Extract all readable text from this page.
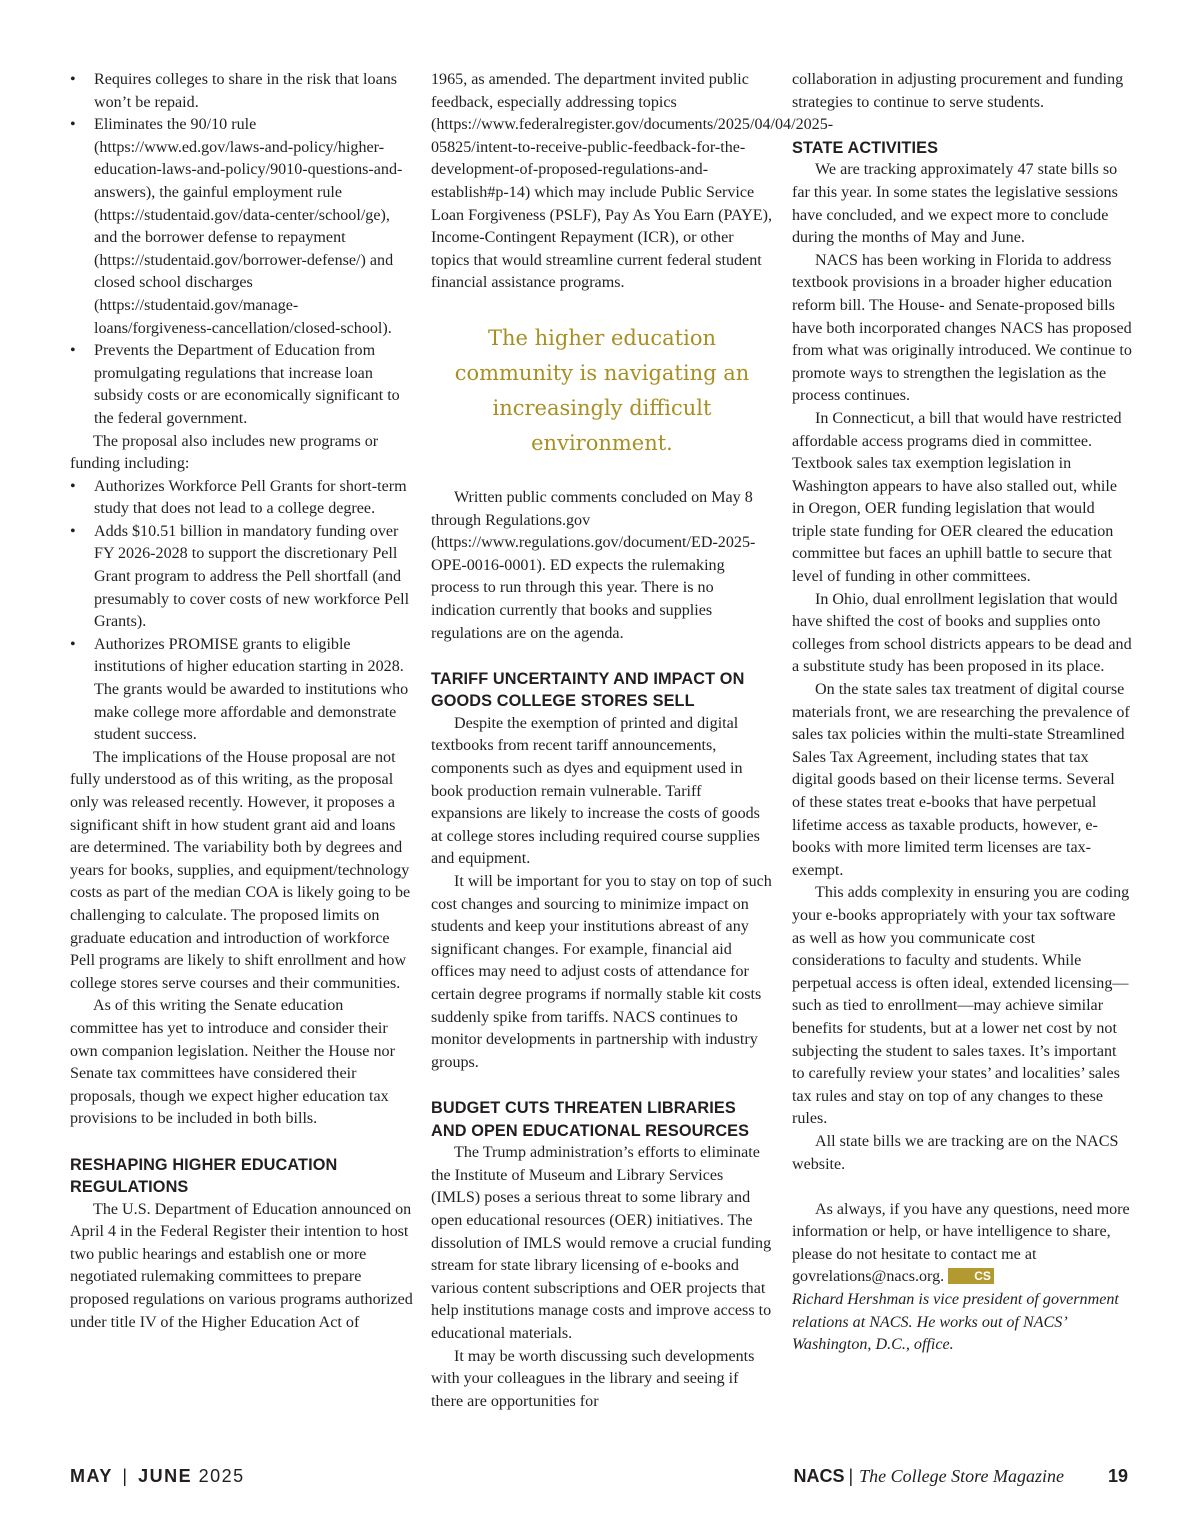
• Requires colleges to share in the risk that loans won’t be repaid.
• Eliminates the 90/10 rule (https://www.ed.gov/laws-and-policy/higher-education-laws-and-policy/9010-questions-and-answers), the gainful employment rule (https://studentaid.gov/data-center/school/ge), and the borrower defense to repayment (https://studentaid.gov/borrower-defense/) and closed school discharges (https://studentaid.gov/manage-loans/forgiveness-cancellation/closed-school).
• Prevents the Department of Education from promulgating regulations that increase loan subsidy costs or are economically significant to the federal government.

The proposal also includes new programs or funding including:

• Authorizes Workforce Pell Grants for short-term study that does not lead to a college degree.
• Adds $10.51 billion in mandatory funding over FY 2026-2028 to support the discretionary Pell Grant program to address the Pell shortfall (and presumably to cover costs of new workforce Pell Grants).
• Authorizes PROMISE grants to eligible institutions of higher education starting in 2028. The grants would be awarded to institutions who make college more affordable and demonstrate student success.

The implications of the House proposal are not fully understood as of this writing, as the proposal only was released recently. However, it proposes a significant shift in how student grant aid and loans are determined. The variability both by degrees and years for books, supplies, and equipment/technology costs as part of the median COA is likely going to be challenging to calculate. The proposed limits on graduate education and introduction of workforce Pell programs are likely to shift enrollment and how college stores serve courses and their communities.

As of this writing the Senate education committee has yet to introduce and consider their own companion legislation. Neither the House nor Senate tax committees have considered their proposals, though we expect higher education tax provisions to be included in both bills.

RESHAPING HIGHER EDUCATION REGULATIONS

The U.S. Department of Education announced on April 4 in the Federal Register their intention to host two public hearings and establish one or more negotiated rulemaking committees to prepare proposed regulations on various programs authorized under title IV of the Higher Education Act of

1965, as amended. The department invited public feedback, especially addressing topics (https://www.federalregister.gov/documents/2025/04/04/2025-05825/intent-to-receive-public-feedback-for-the-development-of-proposed-regulations-and-establish#p-14) which may include Public Service Loan Forgiveness (PSLF), Pay As You Earn (PAYE), Income-Contingent Repayment (ICR), or other topics that would streamline current federal student financial assistance programs.

The higher education community is navigating an increasingly difficult environment.

Written public comments concluded on May 8 through Regulations.gov (https://www.regulations.gov/document/ED-2025-OPE-0016-0001). ED expects the rulemaking process to run through this year. There is no indication currently that books and supplies regulations are on the agenda.

TARIFF UNCERTAINTY AND IMPACT ON GOODS COLLEGE STORES SELL

Despite the exemption of printed and digital textbooks from recent tariff announcements, components such as dyes and equipment used in book production remain vulnerable. Tariff expansions are likely to increase the costs of goods at college stores including required course supplies and equipment.

It will be important for you to stay on top of such cost changes and sourcing to minimize impact on students and keep your institutions abreast of any significant changes. For example, financial aid offices may need to adjust costs of attendance for certain degree programs if normally stable kit costs suddenly spike from tariffs. NACS continues to monitor developments in partnership with industry groups.

BUDGET CUTS THREATEN LIBRARIES AND OPEN EDUCATIONAL RESOURCES

The Trump administration’s efforts to eliminate the Institute of Museum and Library Services (IMLS) poses a serious threat to some library and open educational resources (OER) initiatives. The dissolution of IMLS would remove a crucial funding stream for state library licensing of e-books and various content subscriptions and OER projects that help institutions manage costs and improve access to educational materials.

It may be worth discussing such developments with your colleagues in the library and seeing if there are opportunities for

collaboration in adjusting procurement and funding strategies to continue to serve students.

STATE ACTIVITIES

We are tracking approximately 47 state bills so far this year. In some states the legislative sessions have concluded, and we expect more to conclude during the months of May and June.

NACS has been working in Florida to address textbook provisions in a broader higher education reform bill. The House- and Senate-proposed bills have both incorporated changes NACS has proposed from what was originally introduced. We continue to promote ways to strengthen the legislation as the process continues.

In Connecticut, a bill that would have restricted affordable access programs died in committee. Textbook sales tax exemption legislation in Washington appears to have also stalled out, while in Oregon, OER funding legislation that would triple state funding for OER cleared the education committee but faces an uphill battle to secure that level of funding in other committees.

In Ohio, dual enrollment legislation that would have shifted the cost of books and supplies onto colleges from school districts appears to be dead and a substitute study has been proposed in its place.

On the state sales tax treatment of digital course materials front, we are researching the prevalence of sales tax policies within the multi-state Streamlined Sales Tax Agreement, including states that tax digital goods based on their license terms. Several of these states treat e-books that have perpetual lifetime access as taxable products, however, e-books with more limited term licenses are tax-exempt.

This adds complexity in ensuring you are coding your e-books appropriately with your tax software as well as how you communicate cost considerations to faculty and students. While perpetual access is often ideal, extended licensing—such as tied to enrollment—may achieve similar benefits for students, but at a lower net cost by not subjecting the student to sales taxes. It’s important to carefully review your states’ and localities’ sales tax rules and stay on top of any changes to these rules.

All state bills we are tracking are on the NACS website.

As always, if you have any questions, need more information or help, or have intelligence to share, please do not hesitate to contact me at govrelations@nacs.org.	CS

Richard Hershman is vice president of government relations at NACS. He works out of NACS’ Washington, D.C., office.

MAY | JUNE 2025	NACS | The College Store Magazine 19
